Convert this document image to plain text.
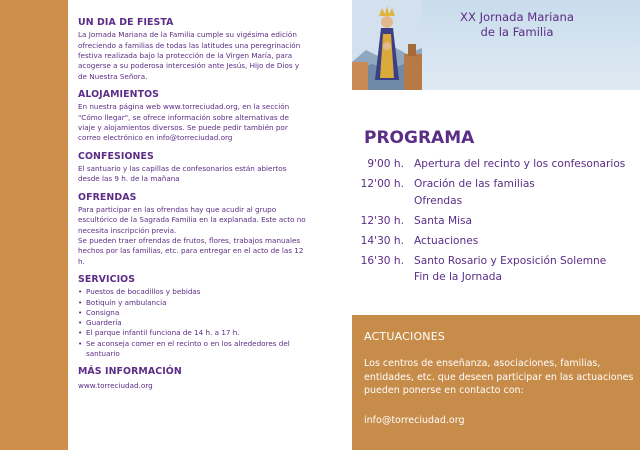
UN DIA DE FIESTA

La Jornada Mariana de la Familia cumple su vigésima edición ofreciendo a familias de todas las latitudes una peregrinación festiva realizada bajo la protección de la Virgen María, para acogerse a su poderosa intercesión ante Jesús, Hijo de Dios y de Nuestra Señora.

ALOJAMIENTOS

En nuestra página web www.torreciudad.org, en la sección "Cómo llegar", se ofrece información sobre alternativas de viaje y alojamientos diversos. Se puede pedir también por correo electrónico en info@torreciudad.org

CONFESIONES

El santuario y las capillas de confesonarios están abiertos desde las 9 h. de la mañana

OFRENDAS

Para participar en las ofrendas hay que acudir al grupo escultórico de la Sagrada Familia en la explanada. Este acto no necesita inscripción previa.

Se pueden traer ofrendas de frutos, flores, trabajos manuales hechos por las familias, etc. para entregar en el acto de las 12 h.

SERVICIOS
• Puestos de bocadillos y bebidas
• Botiquín y ambulancia
• Consigna
• Guardería
• El parque infantil funciona de 14 h. a 17 h.
• Se aconseja comer en el recinto o en los alrededores del santuario
MÁS INFORMACIÓN

www.torreciudad.org

XX Jornada Mariana
de la Familia
PROGRAMA
9'00 h. Apertura del recinto y los confesonarios
12'00 h. Oración de las familias
Ofrendas
12'30 h. Santa Misa
14'30 h. Actuaciones
16'30 h. Santo Rosario y Exposición Solemne
Fin de la Jornada
ACTUACIONES
Los centros de enseñanza, asociaciones, familias, entidades, etc. que deseen participar en las actuaciones pueden ponerse en contacto con:
info@torreciudad.org
